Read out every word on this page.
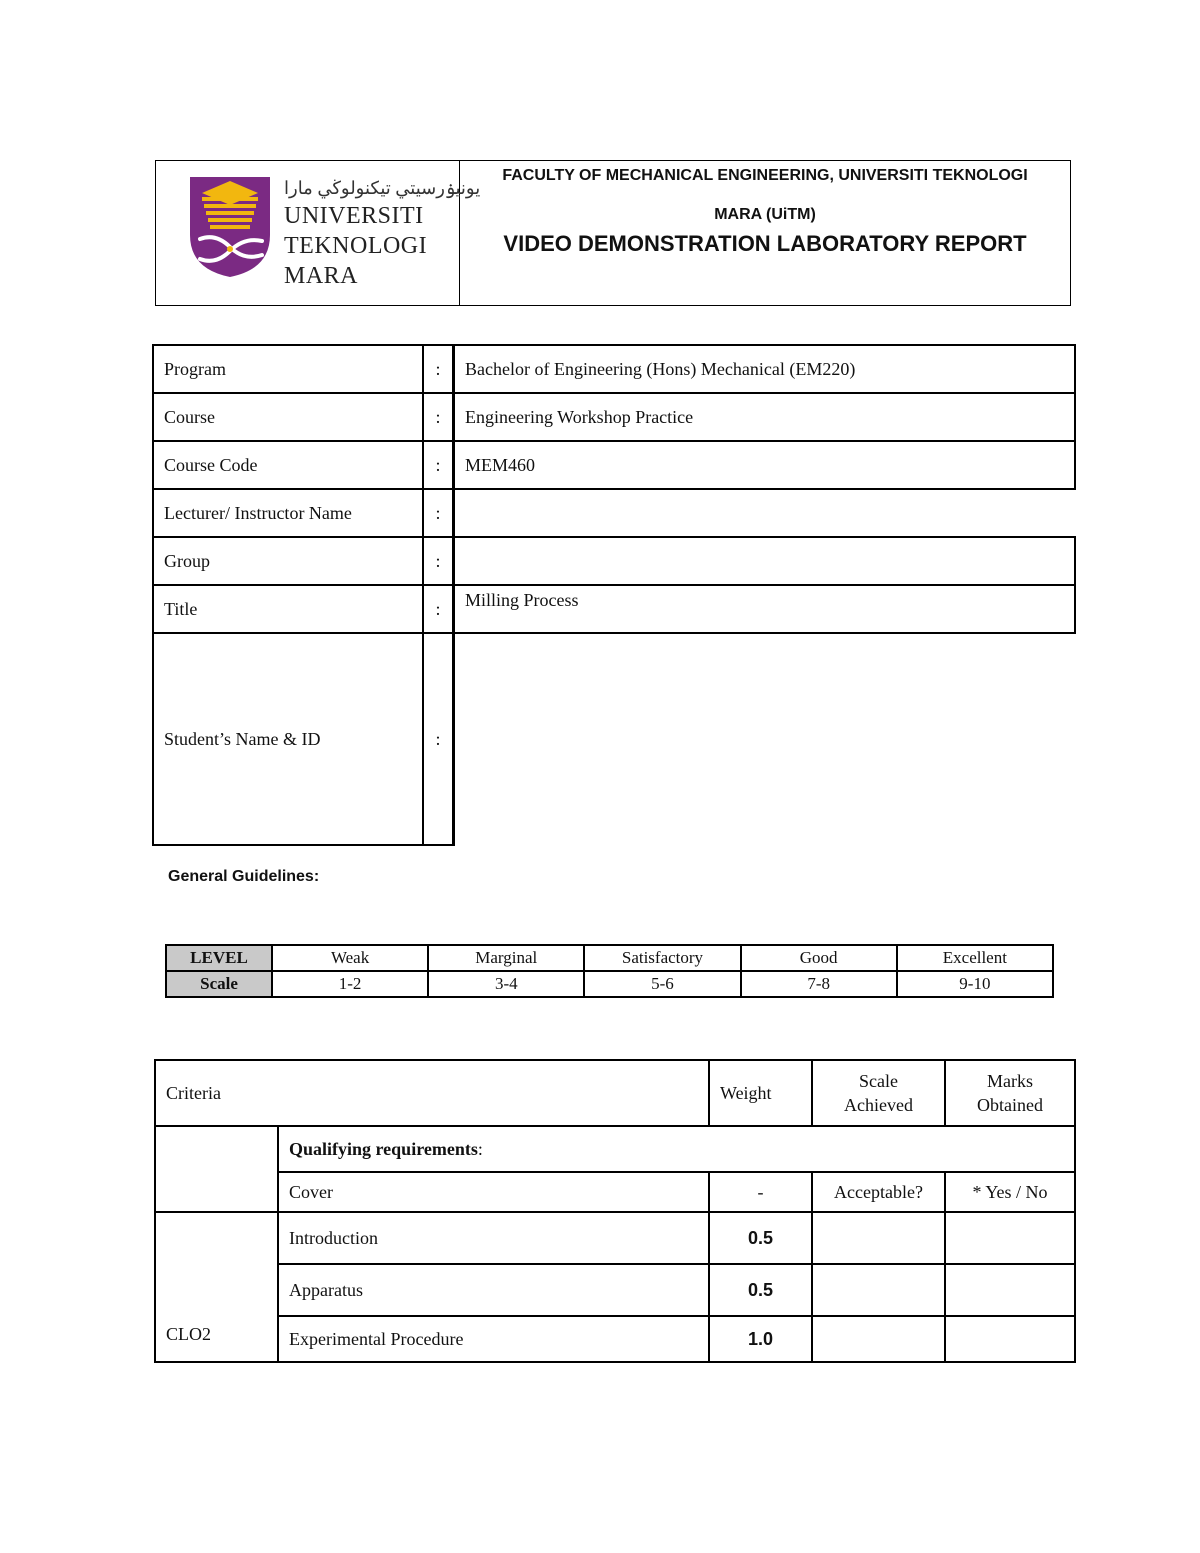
يونيۏرسيتي تيكنولوڬي مارا
UNIVERSITI
TEKNOLOGI
MARA
FACULTY OF MECHANICAL ENGINEERING, UNIVERSITI TEKNOLOGI
MARA (UiTM)
VIDEO DEMONSTRATION LABORATORY REPORT
Program	:	Bachelor of Engineering (Hons) Mechanical (EM220)
Course	:	Engineering Workshop Practice
Course Code	:	MEM460
Lecturer/ Instructor Name	:	
Group	:	
Title	:	Milling Process
Student’s Name & ID	:	
General Guidelines:
LEVEL	Weak	Marginal	Satisfactory	Good	Excellent
Scale	1-2	3-4	5-6	7-8	9-10
Criteria		Weight	Scale Achieved	Marks Obtained
	Qualifying requirements:			
	Cover	-	Acceptable?	* Yes / No
CLO2	Introduction	0.5		
	Apparatus	0.5		
	Experimental Procedure	1.0		
